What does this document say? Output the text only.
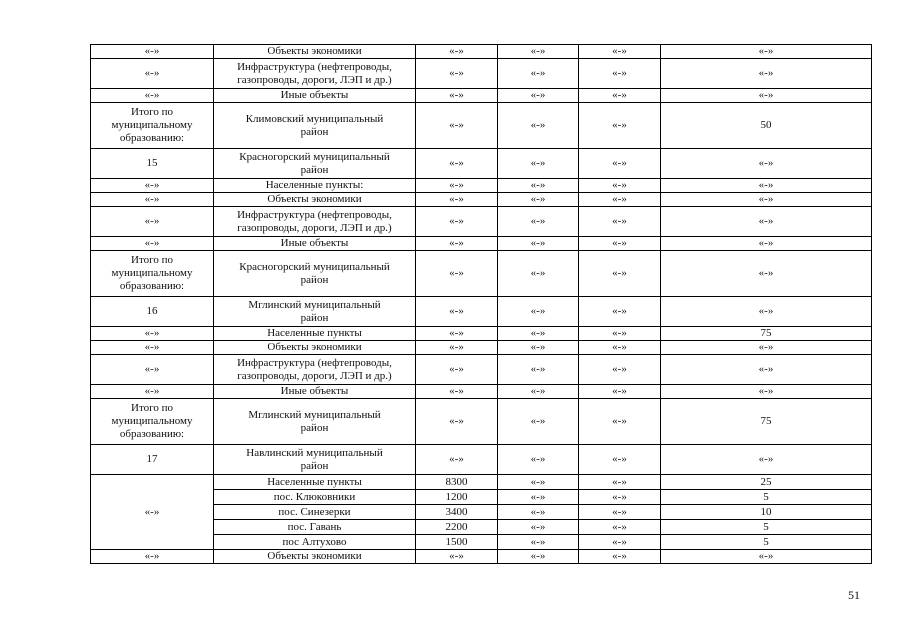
«-»	Объекты экономики	«-»	«-»	«-»	«-»
«-»	Инфраструктура (нефтепроводы,
газопроводы, дороги, ЛЭП и др.)	«-»	«-»	«-»	«-»
«-»	Иные объекты	«-»	«-»	«-»	«-»
Итого по
муниципальному
образованию:	Климовский муниципальный
район	«-»	«-»	«-»	50
15	Красногорский муниципальный
район	«-»	«-»	«-»	«-»
«-»	Населенные пункты:	«-»	«-»	«-»	«-»
«-»	Объекты экономики	«-»	«-»	«-»	«-»
«-»	Инфраструктура (нефтепроводы,
газопроводы, дороги, ЛЭП и др.)	«-»	«-»	«-»	«-»
«-»	Иные объекты	«-»	«-»	«-»	«-»
Итого по
муниципальному
образованию:	Красногорский муниципальный
район	«-»	«-»	«-»	«-»
16	Мглинский муниципальный
район	«-»	«-»	«-»	«-»
«-»	Населенные пункты	«-»	«-»	«-»	75
«-»	Объекты экономики	«-»	«-»	«-»	«-»
«-»	Инфраструктура (нефтепроводы,
газопроводы, дороги, ЛЭП и др.)	«-»	«-»	«-»	«-»
«-»	Иные объекты	«-»	«-»	«-»	«-»
Итого по
муниципальному
образованию:	Мглинский муниципальный
район	«-»	«-»	«-»	75
17	Навлинский муниципальный
район	«-»	«-»	«-»	«-»
«-»	Населенные пункты	8300	«-»	«-»	25
	пос. Клюковники	1200	«-»	«-»	5
	пос. Синезерки	3400	«-»	«-»	10
	пос. Гавань	2200	«-»	«-»	5
	пос Алтухово	1500	«-»	«-»	5
«-»	Объекты экономики	«-»	«-»	«-»	«-»
51
